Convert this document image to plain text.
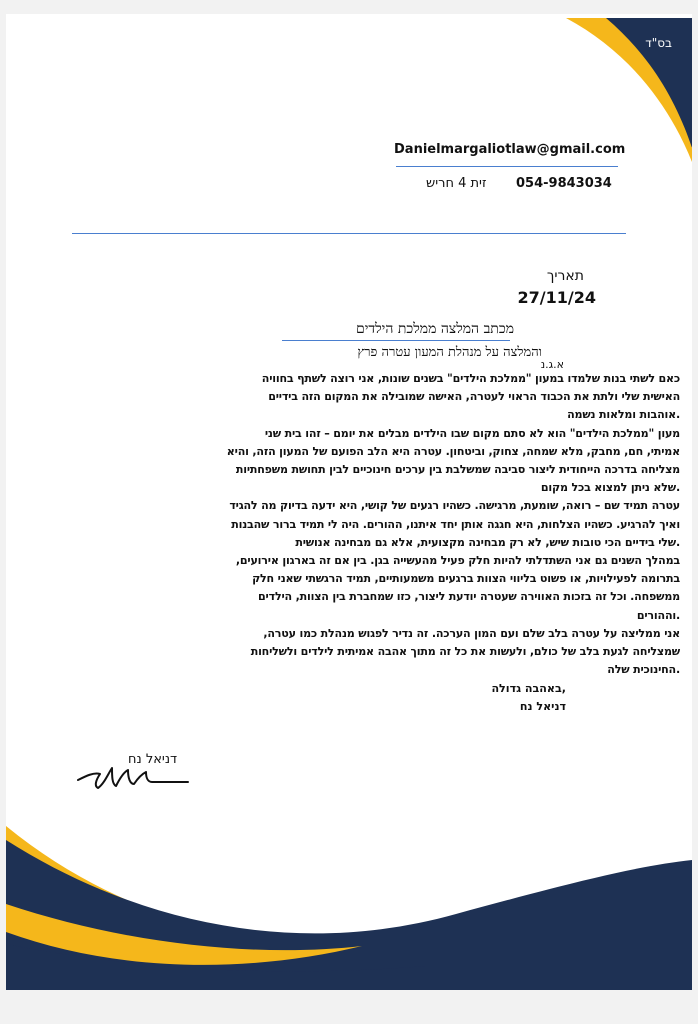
בס"ד
Danielmargaliotlaw@gmail.com
054-9843034
זית 4 חריש
תאריך
27/11/24
מכתב המלצה ממלכת הילדים
והמלצה על מנהלת המעון עטרה פרץ
א.ג.נ
כאם לשתי בנות שלמדו במעון "ממלכת הילדים" בשנים שונות, אני רוצה לשתף בחוויה
האישית שלי ולתת את הכבוד הראוי לעטרה, האישה שמובילה את המקום הזה בידיים
.אוהבות ומלאות נשמה
מעון "ממלכת הילדים" הוא לא סתם מקום שבו הילדים מבלים את יומם – זהו בית שני
אמיתי, חם, מחבק, מלא שמחה, צחוק, וביטחון. עטרה היא הלב הפועם של המעון הזה, והיא
מצליחה בדרכה הייחודית ליצור סביבה שמשלבת בין ערכים חינוכיים לבין תחושת משפחתיות
.שלא ניתן למצוא בכל מקום
עטרה תמיד שם – רואה, שומעת, מרגישה. כשהיו רגעים של קושי, היא ידעה בדיוק מה להגיד
ואיך להרגיע. כשהיו הצלחות, היא חגגה אותן יחד איתנו, ההורים. היה לי תמיד ברור שהבנות
.שלי בידיים הכי טובות שיש, לא רק מבחינה מקצועית, אלא גם מבחינה אנושית
במהלך השנים גם אני השתדלתי להיות חלק פעיל מהעשייה בגן. בין אם זה בארגון אירועים,
בתרומה לפעילויות, או פשוט בליווי הצוות ברגעים משמעותיים, תמיד הרגשתי שאני חלק
ממשפחה. וכל זה בזכות האווירה שעטרה יודעת ליצור, כזו שמחברת בין הצוות, הילדים
.וההורים
אני ממליצה על עטרה בלב שלם ועם המון הערכה. זה נדיר לפגוש מנהלת כמו עטרה,
שמצליחה לגעת בלב של כולם, ולעשות את כל זה מתוך אהבה אמיתית לילדים ולשליחות
.החינוכית שלה
,באהבה גדולה
דניאל נח
דניאל נח
